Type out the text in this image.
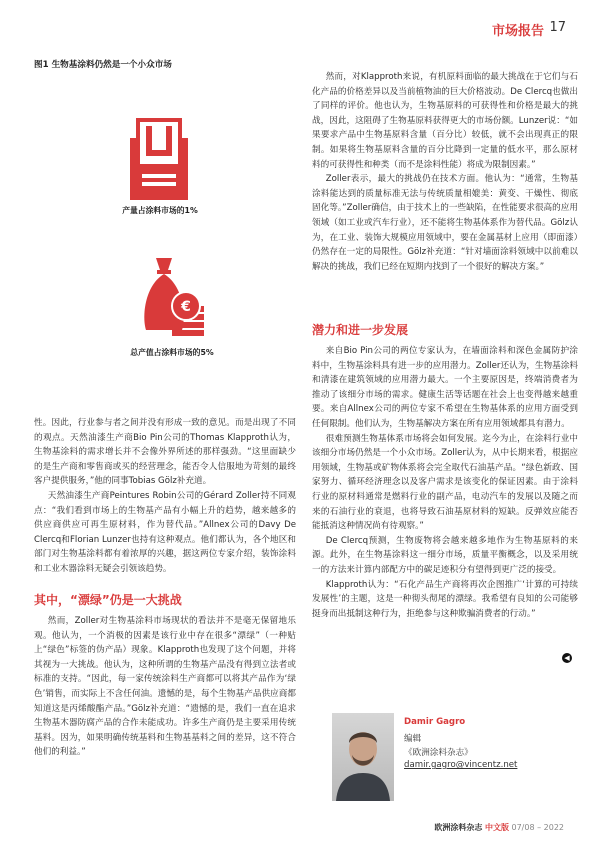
市场报告 17
图1 生物基涂料仍然是一个小众市场
产量占涂料市场的1%
€
总产值占涂料市场的5%

性。因此，行业参与者之间并没有形成一致的意见。而是出现了不同的观点。天然油漆生产商Bio Pin公司的Thomas Klapproth认为，生物基涂料的需求增长并不会像外界所述的那样强劲。“这里面缺少的是生产商和零售商或买的经营理念，能否令人信服地为苛刻的最终客户提供服务，”他的同事Tobias Gölz补充道。

天然油漆生产商Peintures Robin公司的Gérard Zoller持不同观点：“我们看到市场上的生物基产品有小幅上升的趋势，越来越多的供应商供应可再生原材料，作为替代品。”Allnex公司的Davy De Clercq和Florian Lunzer也持有这种观点。他们都认为，各个地区和部门对生物基涂料都有着浓厚的兴趣，据这两位专家介绍，装饰涂料和工业木器涂料无疑会引领该趋势。

其中，“漂绿”仍是一大挑战

然而，Zoller对生物基涂料市场现状的看法并不是毫无保留地乐观。他认为，一个消极的因素是该行业中存在很多“漂绿”（一种贴上“绿色”标签的伪产品）现象。Klapproth也发现了这个问题，并将其视为一大挑战。他认为，这种所谓的生物基产品没有得到立法者或标准的支持。“因此，每一家传统涂料生产商都可以将其产品作为‘绿色’销售，而实际上不含任何油。遗憾的是，每个生物基产品供应商都知道这是丙烯酸酯产品。”Gölz补充道：“遗憾的是，我们一直在追求生物基木器防腐产品的合作未能成功。许多生产商仍是主要采用传统基料。因为，如果明确传统基料和生物基基料之间的差异，这不符合他们的利益。”

然而，对Klapproth来说，有机原料面临的最大挑战在于它们与石化产品的价格差异以及当前植物油的巨大价格波动。De Clercq也做出了同样的评价。他也认为，生物基原料的可获得性和价格是最大的挑战，因此，这阻碍了生物基原料获得更大的市场份额。Lunzer说：“如果要求产品中生物基原料含量（百分比）较低，就不会出现真正的限制。如果将生物基原料含量的百分比降到一定量的低水平，那么原材料的可获得性和种类（而不是涂料性能）将成为限制因素。”

Zoller表示，最大的挑战仍在技术方面。他认为：“通常，生物基涂料能达到的质量标准无法与传统质量相媲美：黄变、干燥性、彻底固化等。”Zoller确信，由于技术上的一些缺陷，在性能要求很高的应用领域（如工业或汽车行业），还不能将生物基体系作为替代品。Gölz认为，在工业、装饰大规模应用领域中，要在金属基材上应用（即面漆）仍然存在一定的局限性。Gölz补充道：“针对墙面涂料领域中以前难以解决的挑战，我们已经在短期内找到了一个很好的解决方案。”

潜力和进一步发展

来自Bio Pin公司的两位专家认为，在墙面涂料和深色金属防护涂料中，生物基涂料具有进一步的应用潜力。Zoller还认为，生物基涂料和清漆在建筑领域的应用潜力最大。一个主要原因是，终端消费者为推动了该细分市场的需求。健康生活等话题在社会上也变得越来越重要。来自Allnex公司的两位专家不希望在生物基体系的应用方面受到任何限制。他们认为，生物基解决方案在所有应用领域都具有潜力。

很难预测生物基体系市场将会如何发展。迄今为止，在涂料行业中该细分市场仍然是一个小众市场。Zoller认为，从中长期来看，根据应用领域，生物基或矿物体系将会完全取代石油基产品。“绿色新政、国家努力、循环经济理念以及客户需求是该变化的保证因素。由于涂料行业的原材料通常是燃料行业的副产品，电动汽车的发展以及随之而来的石油行业的衰退，也将导致石油基原材料的短缺。反弹效应能否能抵消这种情况尚有待观察。”

De Clercq预测，生物废物将会越来越多地作为生物基原料的来源。此外，在生物基涂料这一细分市场，质量平衡概念，以及采用统一的方法来计算内部配方中的碳足迹积分有望得到更广泛的接受。

Klapproth认为：“石化产品生产商将再次企图推广‘计算的可持续发展性’的主题，这是一种彻头彻尾的漂绿。我希望有良知的公司能够挺身而出抵制这种行为，拒绝参与这种欺骗消费者的行动。”

◀
Damir Gagro
编辑
《欧洲涂料杂志》
damir.gagro@vincentz.net
欧洲涂料杂志 中文版 07/08 – 2022
